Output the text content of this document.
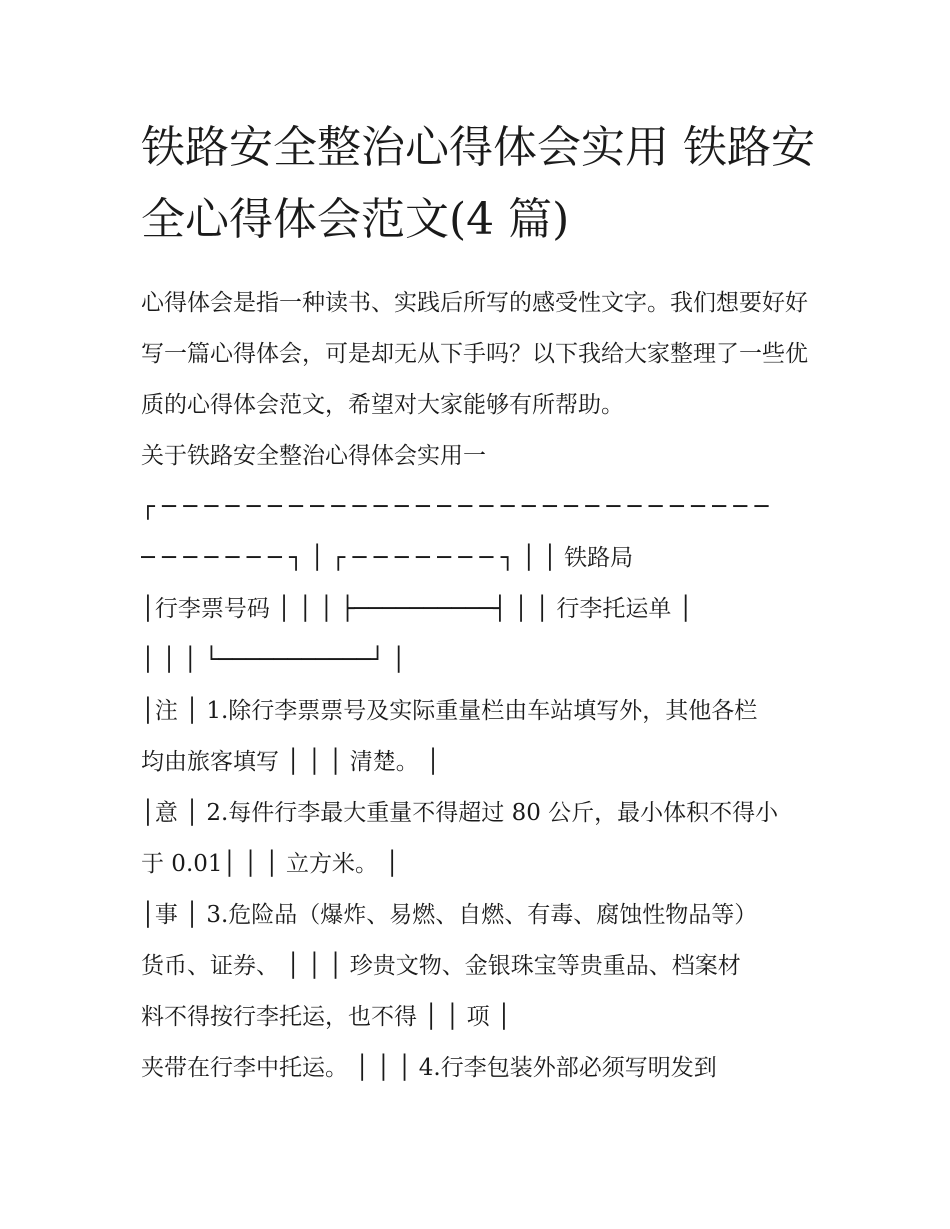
铁路安全整治心得体会实用 铁路安全心得体会范文(4 篇)

心得体会是指一种读书、实践后所写的感受性文字。我们想要好好写一篇心得体会，可是却无从下手吗？以下我给大家整理了一些优质的心得体会范文，希望对大家能够有所帮助。

关于铁路安全整治心得体会实用一
┌ ─ ─ ─ ─ ─ ─ ─ ─ ─ ─ ─ ─ ─ ─ ─ ─ ─ ─ ─ ─ ─ ─ ─ ─ ─ ─ ─ ─ ─
─ ─ ─ ─ ─ ─ ─ ┐ │ ┌ ─ ─ ─ ─ ─ ─ ─ ┐ │ │ 铁路局
│行李票号码 │ │ │ ├──────────┤ │ │ 行李托运单 │
│ │ │ └───────────┘ │
│注 │ 1.除行李票票号及实际重量栏由车站填写外，其他各栏
均由旅客填写 │ │ │ 清楚。 │
│意 │ 2.每件行李最大重量不得超过 80 公斤，最小体积不得小
于 0.01│ │ │ 立方米。 │
│事 │ 3.危险品（爆炸、易燃、自燃、有毒、腐蚀性物品等）
货币、证券、 │ │ │ 珍贵文物、金银珠宝等贵重品、档案材
料不得按行李托运，也不得 │ │ 项 │
夹带在行李中托运。 │ │ │ 4.行李包装外部必须写明发到
